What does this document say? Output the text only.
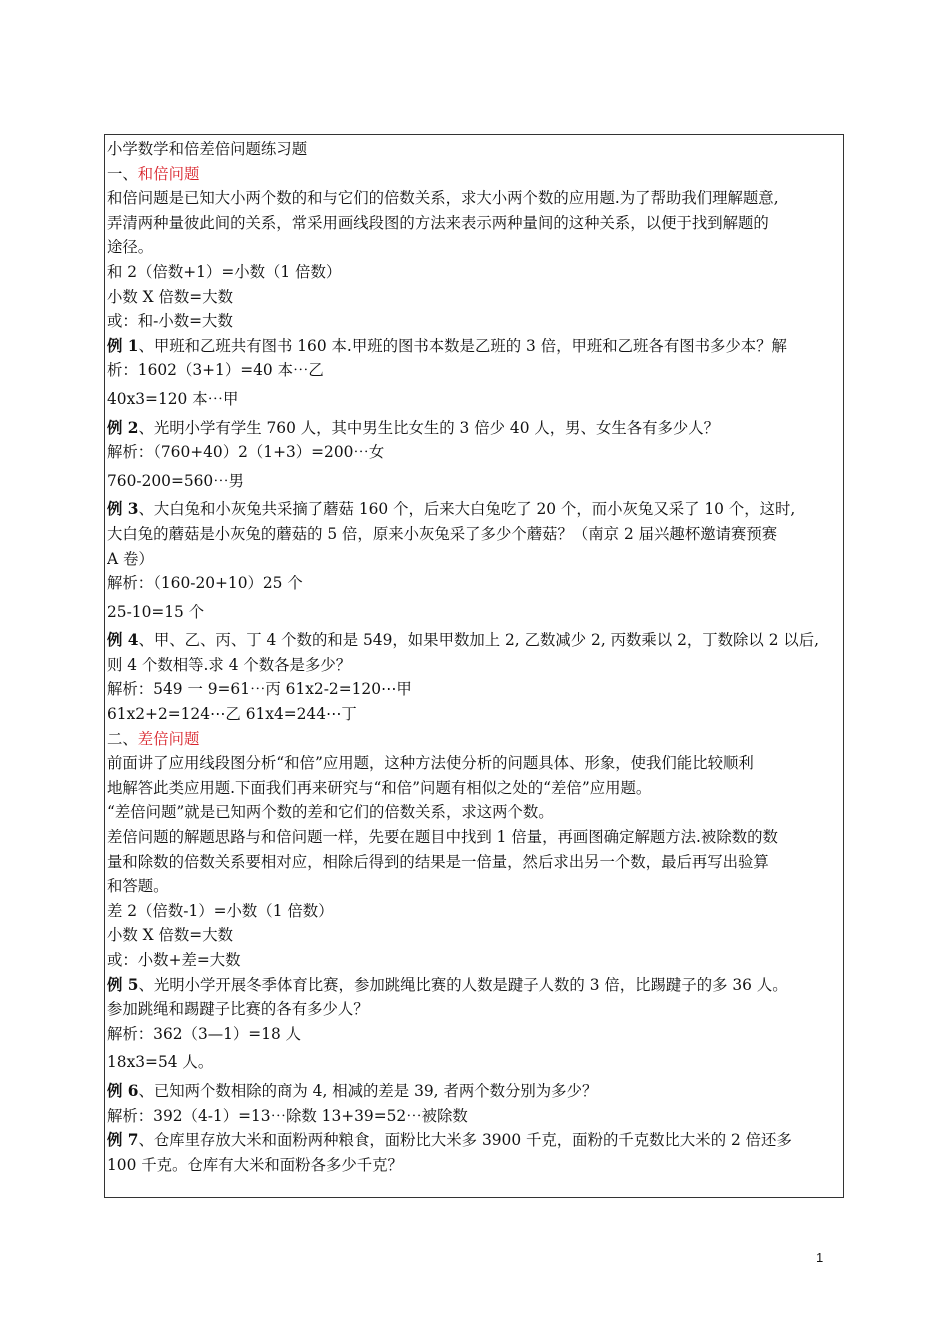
小学数学和倍差倍问题练习题

一、和倍问题

和倍问题是已知大小两个数的和与它们的倍数关系，求大小两个数的应用题.为了帮助我们理解题意,

弄清两种量彼此间的关系，常采用画线段图的方法来表示两种量间的这种关系，以便于找到解题的

途径。

和 2（倍数+1）=小数（1 倍数）

小数 X 倍数=大数

或：和-小数=大数

例 1、甲班和乙班共有图书 160 本.甲班的图书本数是乙班的 3 倍，甲班和乙班各有图书多少本？解

析：1602（3+1）=40 本⋯乙

40x3=120 本⋯甲

例 2、光明小学有学生 760 人，其中男生比女生的 3 倍少 40 人，男、女生各有多少人？

解析：（760+40）2（1+3）=200⋯女

760-200=560⋯男

例 3、大白兔和小灰兔共采摘了蘑菇 160 个，后来大白兔吃了 20 个，而小灰兔又采了 10 个，这时,

大白兔的蘑菇是小灰兔的蘑菇的 5 倍，原来小灰兔采了多少个蘑菇？（南京 2 届兴趣杯邀请赛预赛

A 卷）

解析：（160-20+10）25 个

25-10=15 个

例 4、甲、乙、丙、丁 4 个数的和是 549，如果甲数加上 2, 乙数减少 2, 丙数乘以 2，丁数除以 2 以后,

则 4 个数相等.求 4 个数各是多少？

解析：549 一 9=61⋯丙 61x2-2=120⋯甲

61x2+2=124⋯乙 61x4=244⋯丁

二、差倍问题

前面讲了应用线段图分析“和倍”应用题，这种方法使分析的问题具体、形象，使我们能比较顺利

地解答此类应用题.下面我们再来研究与“和倍”问题有相似之处的“差倍”应用题。

“差倍问题”就是已知两个数的差和它们的倍数关系，求这两个数。

差倍问题的解题思路与和倍问题一样，先要在题目中找到 1 倍量，再画图确定解题方法.被除数的数

量和除数的倍数关系要相对应，相除后得到的结果是一倍量，然后求出另一个数，最后再写出验算

和答题。

差 2（倍数-1）=小数（1 倍数）

小数 X 倍数=大数

或：小数+差=大数

例 5、光明小学开展冬季体育比赛，参加跳绳比赛的人数是踺子人数的 3 倍，比踢踺子的多 36 人。

参加跳绳和踢踺子比赛的各有多少人？

解析：362（3—1）=18 人

18x3=54 人。

例 6、已知两个数相除的商为 4, 相减的差是 39, 者两个数分别为多少？

解析：392（4-1）=13⋯除数 13+39=52⋯被除数

例 7、仓库里存放大米和面粉两种粮食，面粉比大米多 3900 千克，面粉的千克数比大米的 2 倍还多

100 千克。仓库有大米和面粉各多少千克？

1
